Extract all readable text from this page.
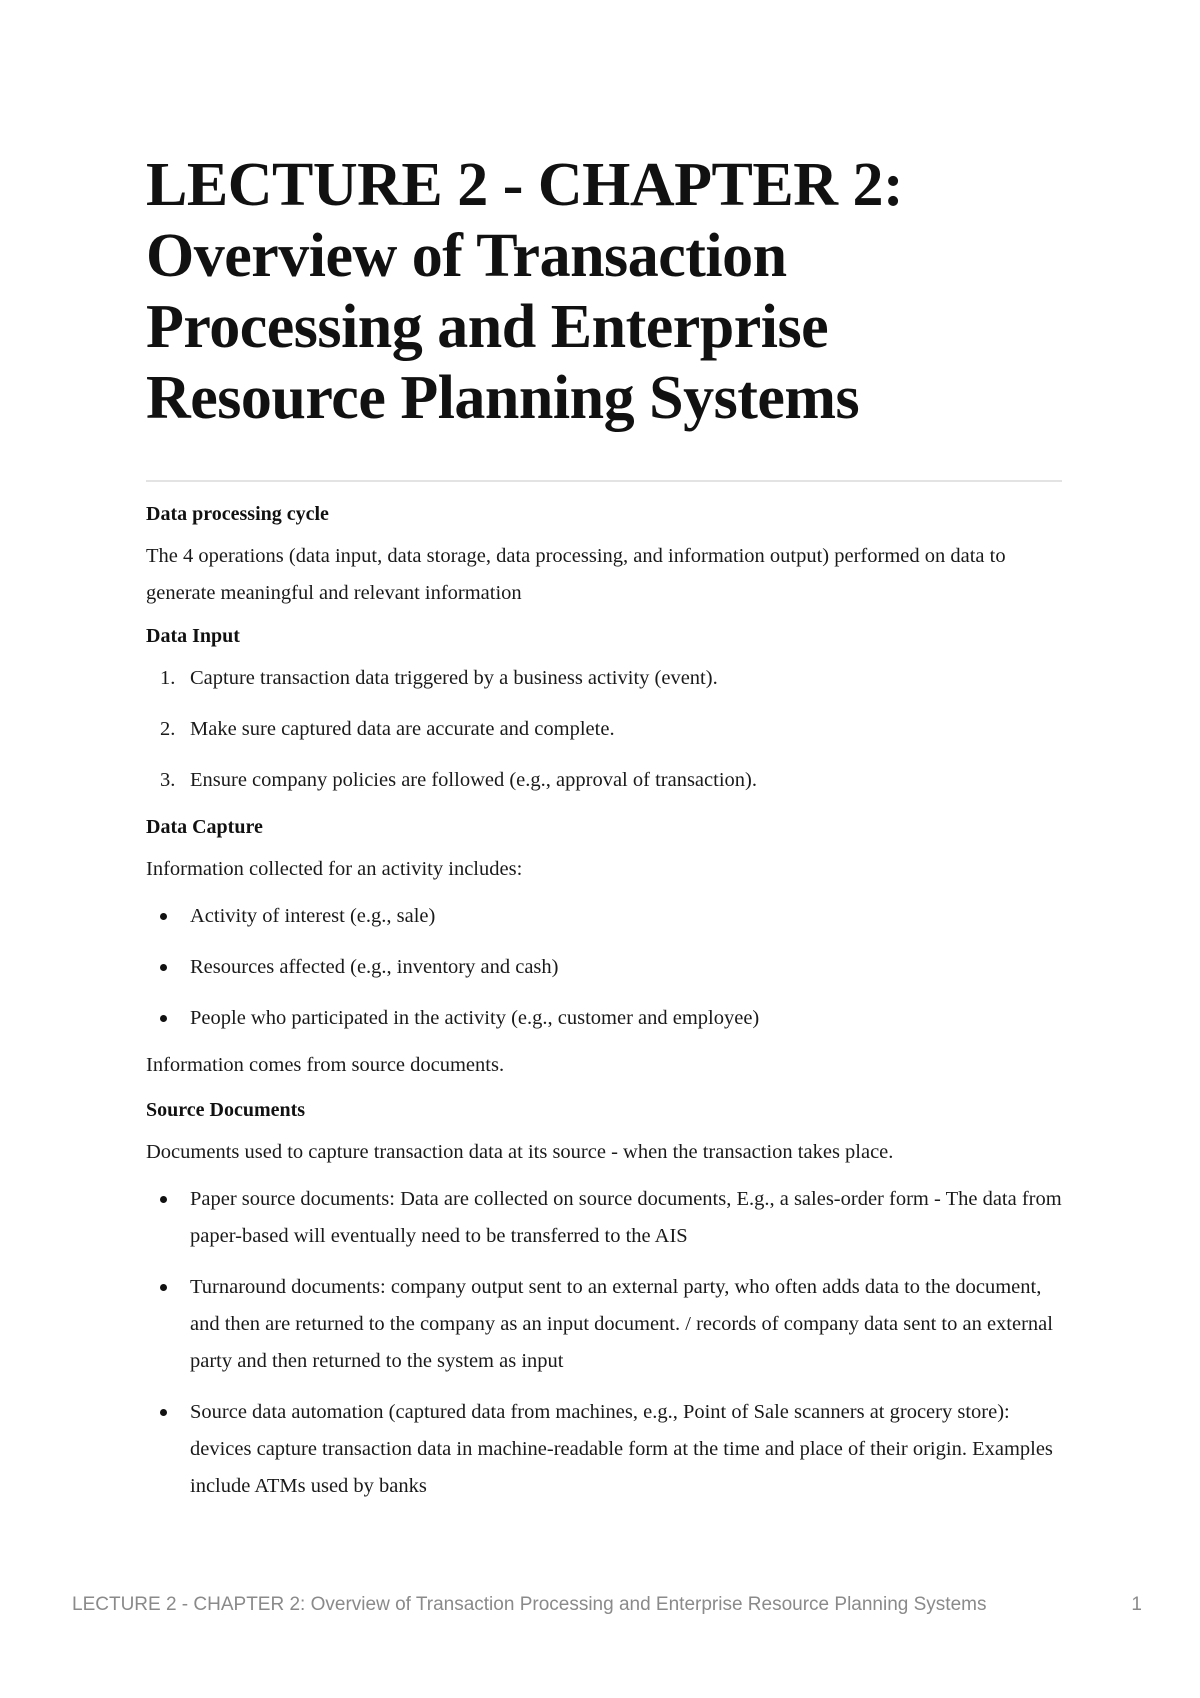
LECTURE 2 - CHAPTER 2: Overview of Transaction Processing and Enterprise Resource Planning Systems
Data processing cycle

The 4 operations (data input, data storage, data processing, and information output) performed on data to generate meaningful and relevant information

Data Input
1. Capture transaction data triggered by a business activity (event).
2. Make sure captured data are accurate and complete.
3. Ensure company policies are followed (e.g., approval of transaction).
Data Capture

Information collected for an activity includes:

Activity of interest (e.g., sale)
Resources affected (e.g., inventory and cash)
People who participated in the activity (e.g., customer and employee)

Information comes from source documents.

Source Documents

Documents used to capture transaction data at its source - when the transaction takes place.

Paper source documents: Data are collected on source documents, E.g., a sales-order form - The data from paper-based will eventually need to be transferred to the AIS
Turnaround documents: company output sent to an external party, who often adds data to the document, and then are returned to the company as an input document. / records of company data sent to an external party and then returned to the system as input
Source data automation (captured data from machines, e.g., Point of Sale scanners at grocery store): devices capture transaction data in machine-readable form at the time and place of their origin. Examples include ATMs used by banks
LECTURE 2 - CHAPTER 2: Overview of Transaction Processing and Enterprise Resource Planning Systems	1
